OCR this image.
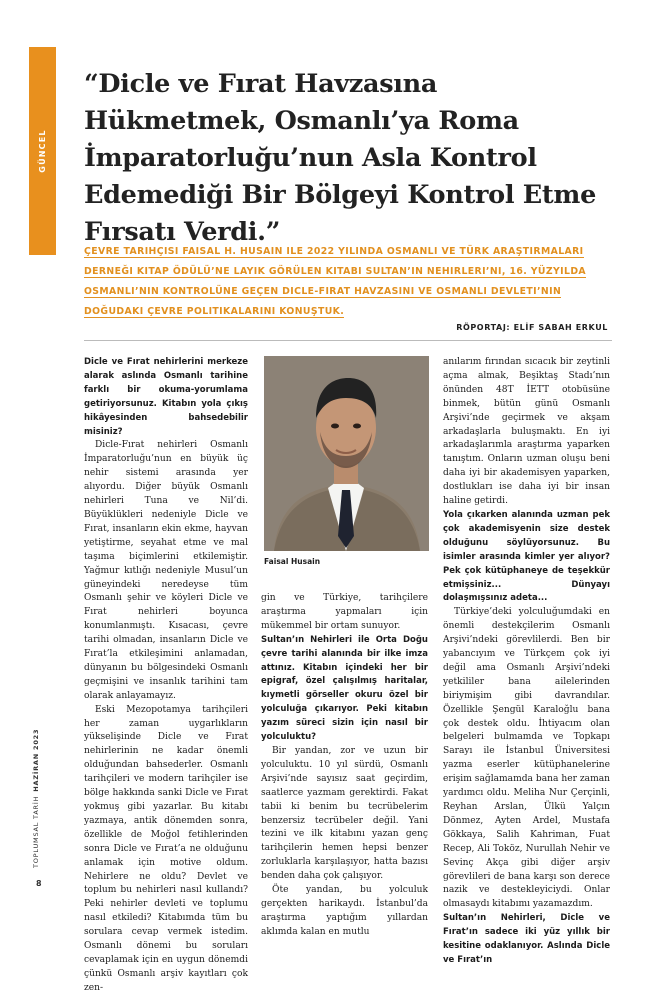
GÜNCEL
“Dicle ve Fırat Havzasına Hükmetmek, Osmanlı’ya Roma İmparatorluğu’nun Asla Kontrol Edemediği Bir Bölgeyi Kontrol Etme Fırsatı Verdi.”

ÇEVRE TARIHÇISI FAISAL H. HUSAIN ILE 2022 YILINDA OSMANLI VE TÜRK ARAŞTIRMALARI DERNEĞI KITAP ÖDÜLÜ’NE LAYIK GÖRÜLEN KITABI SULTAN’IN NEHIRLERI’NI, 16. YÜZYILDA OSMANLI’NIN KONTROLÜNE GEÇEN DICLE-FIRAT HAVZASINI VE OSMANLI DEVLETI’NIN DOĞUDAKI ÇEVRE POLITIKALARINI KONUŞTUK.

RÖPORTAJ: ELİF SABAH ERKUL

Dicle ve Fırat nehirlerini merkeze alarak aslında Osmanlı tarihine farklı bir okuma-yorumlama getiriyorsunuz. Kitabın yola çıkış hikâyesinden bahsedebilir misiniz?

Dicle-Fırat nehirleri Osmanlı İmparatorluğu’nun en büyük üç nehir sistemi arasında yer alıyordu. Diğer büyük Osmanlı nehirleri Tuna ve Nil’di. Büyüklükleri nedeniyle Dicle ve Fırat, insanların ekin ekme, hayvan yetiştirme, seyahat etme ve mal taşıma biçimlerini etkilemiştir. Yağmur kıtlığı nedeniyle Musul’un güneyindeki neredeyse tüm Osmanlı şehir ve köyleri Dicle ve Fırat nehirleri boyunca konumlanmıştı. Kısacası, çevre tarihi olmadan, insanların Dicle ve Fırat’la etkileşimini anlamadan, dünyanın bu bölgesindeki Osmanlı geçmişini ve insanlık tarihini tam olarak anlayamayız.

Eski Mezopotamya tarihçileri her zaman uygarlıkların yükselişinde Dicle ve Fırat nehirlerinin ne kadar önemli olduğundan bahsederler. Osmanlı tarihçileri ve modern tarihçiler ise bölge hakkında sanki Dicle ve Fırat yokmuş gibi yazarlar. Bu kitabı yazmaya, antik dönemden sonra, özellikle de Moğol fetihlerinden sonra Dicle ve Fırat’a ne olduğunu anlamak için motive oldum. Nehirlere ne oldu? Devlet ve toplum bu nehirleri nasıl kullandı? Peki nehirler devleti ve toplumu nasıl etkiledi? Kitabımda tüm bu sorulara cevap vermek istedim. Osmanlı dönemi bu soruları cevaplamak için en uygun dönemdi çünkü Osmanlı arşiv kayıtları çok zen-

Faisal Husain

gin ve Türkiye, tarihçilere araştırma yapmaları için mükemmel bir ortam sunuyor.

Sultan’ın Nehirleri ile Orta Doğu çevre tarihi alanında bir ilke imza attınız. Kitabın içindeki her bir epigraf, özel çalışılmış haritalar, kıymetli görseller okuru özel bir yolculuğa çıkarıyor. Peki kitabın yazım süreci sizin için nasıl bir yolculuktu?

Bir yandan, zor ve uzun bir yolculuktu. 10 yıl sürdü, Osmanlı Arşivi’nde sayısız saat geçirdim, saatlerce yazmam gerektirdi. Fakat tabii ki benim bu tecrübelerim benzersiz tecrübeler değil. Yani tezini ve ilk kitabını yazan genç tarihçilerin hemen hepsi benzer zorluklarla karşılaşıyor, hatta bazısı benden daha çok çalışıyor.

Öte yandan, bu yolculuk gerçekten harikaydı. İstanbul’da araştırma yaptığım yıllardan aklımda kalan en mutlu

anılarım fırından sıcacık bir zeytinli açma almak, Beşiktaş Stadı’nın önünden 48T İETT otobüsüne binmek, bütün günü Osmanlı Arşivi’nde geçirmek ve akşam arkadaşlarla buluşmaktı. En iyi arkadaşlarımla araştırma yaparken tanıştım. Onların uzman oluşu beni daha iyi bir akademisyen yaparken, dostlukları ise daha iyi bir insan haline getirdi.

Yola çıkarken alanında uzman pek çok akademisyenin size destek olduğunu söylüyorsunuz. Bu isimler arasında kimler yer alıyor? Pek çok kütüphaneye de teşekkür etmişsiniz... Dünyayı dolaşmışsınız adeta...

Türkiye’deki yolculuğumdaki en önemli destekçilerim Osmanlı Arşivi’ndeki görevlilerdi. Ben bir yabancıyım ve Türkçem çok iyi değil ama Osmanlı Arşivi’ndeki yetkililer bana ailelerinden biriymişim gibi davrandılar. Özellikle Şengül Karaloğlu bana çok destek oldu. İhtiyacım olan belgeleri bulmamda ve Topkapı Sarayı ile İstanbul Üniversitesi yazma eserler kütüphanelerine erişim sağlamamda bana her zaman yardımcı oldu. Meliha Nur Çerçinli, Reyhan Arslan, Ülkü Yalçın Dönmez, Ayten Ardel, Mustafa Gökkaya, Salih Kahriman, Fuat Recep, Ali Toköz, Nurullah Nehir ve Sevinç Akça gibi diğer arşiv görevlileri de bana karşı son derece nazik ve destekleyiciydi. Onlar olmasaydı kitabımı yazamazdım.

Sultan’ın Nehirleri, Dicle ve Fırat’ın sadece iki yüz yıllık bir kesitine odaklanıyor. Aslında Dicle ve Fırat’ın

TOPLUMSAL TARİH
HAZİRAN 2023
8
